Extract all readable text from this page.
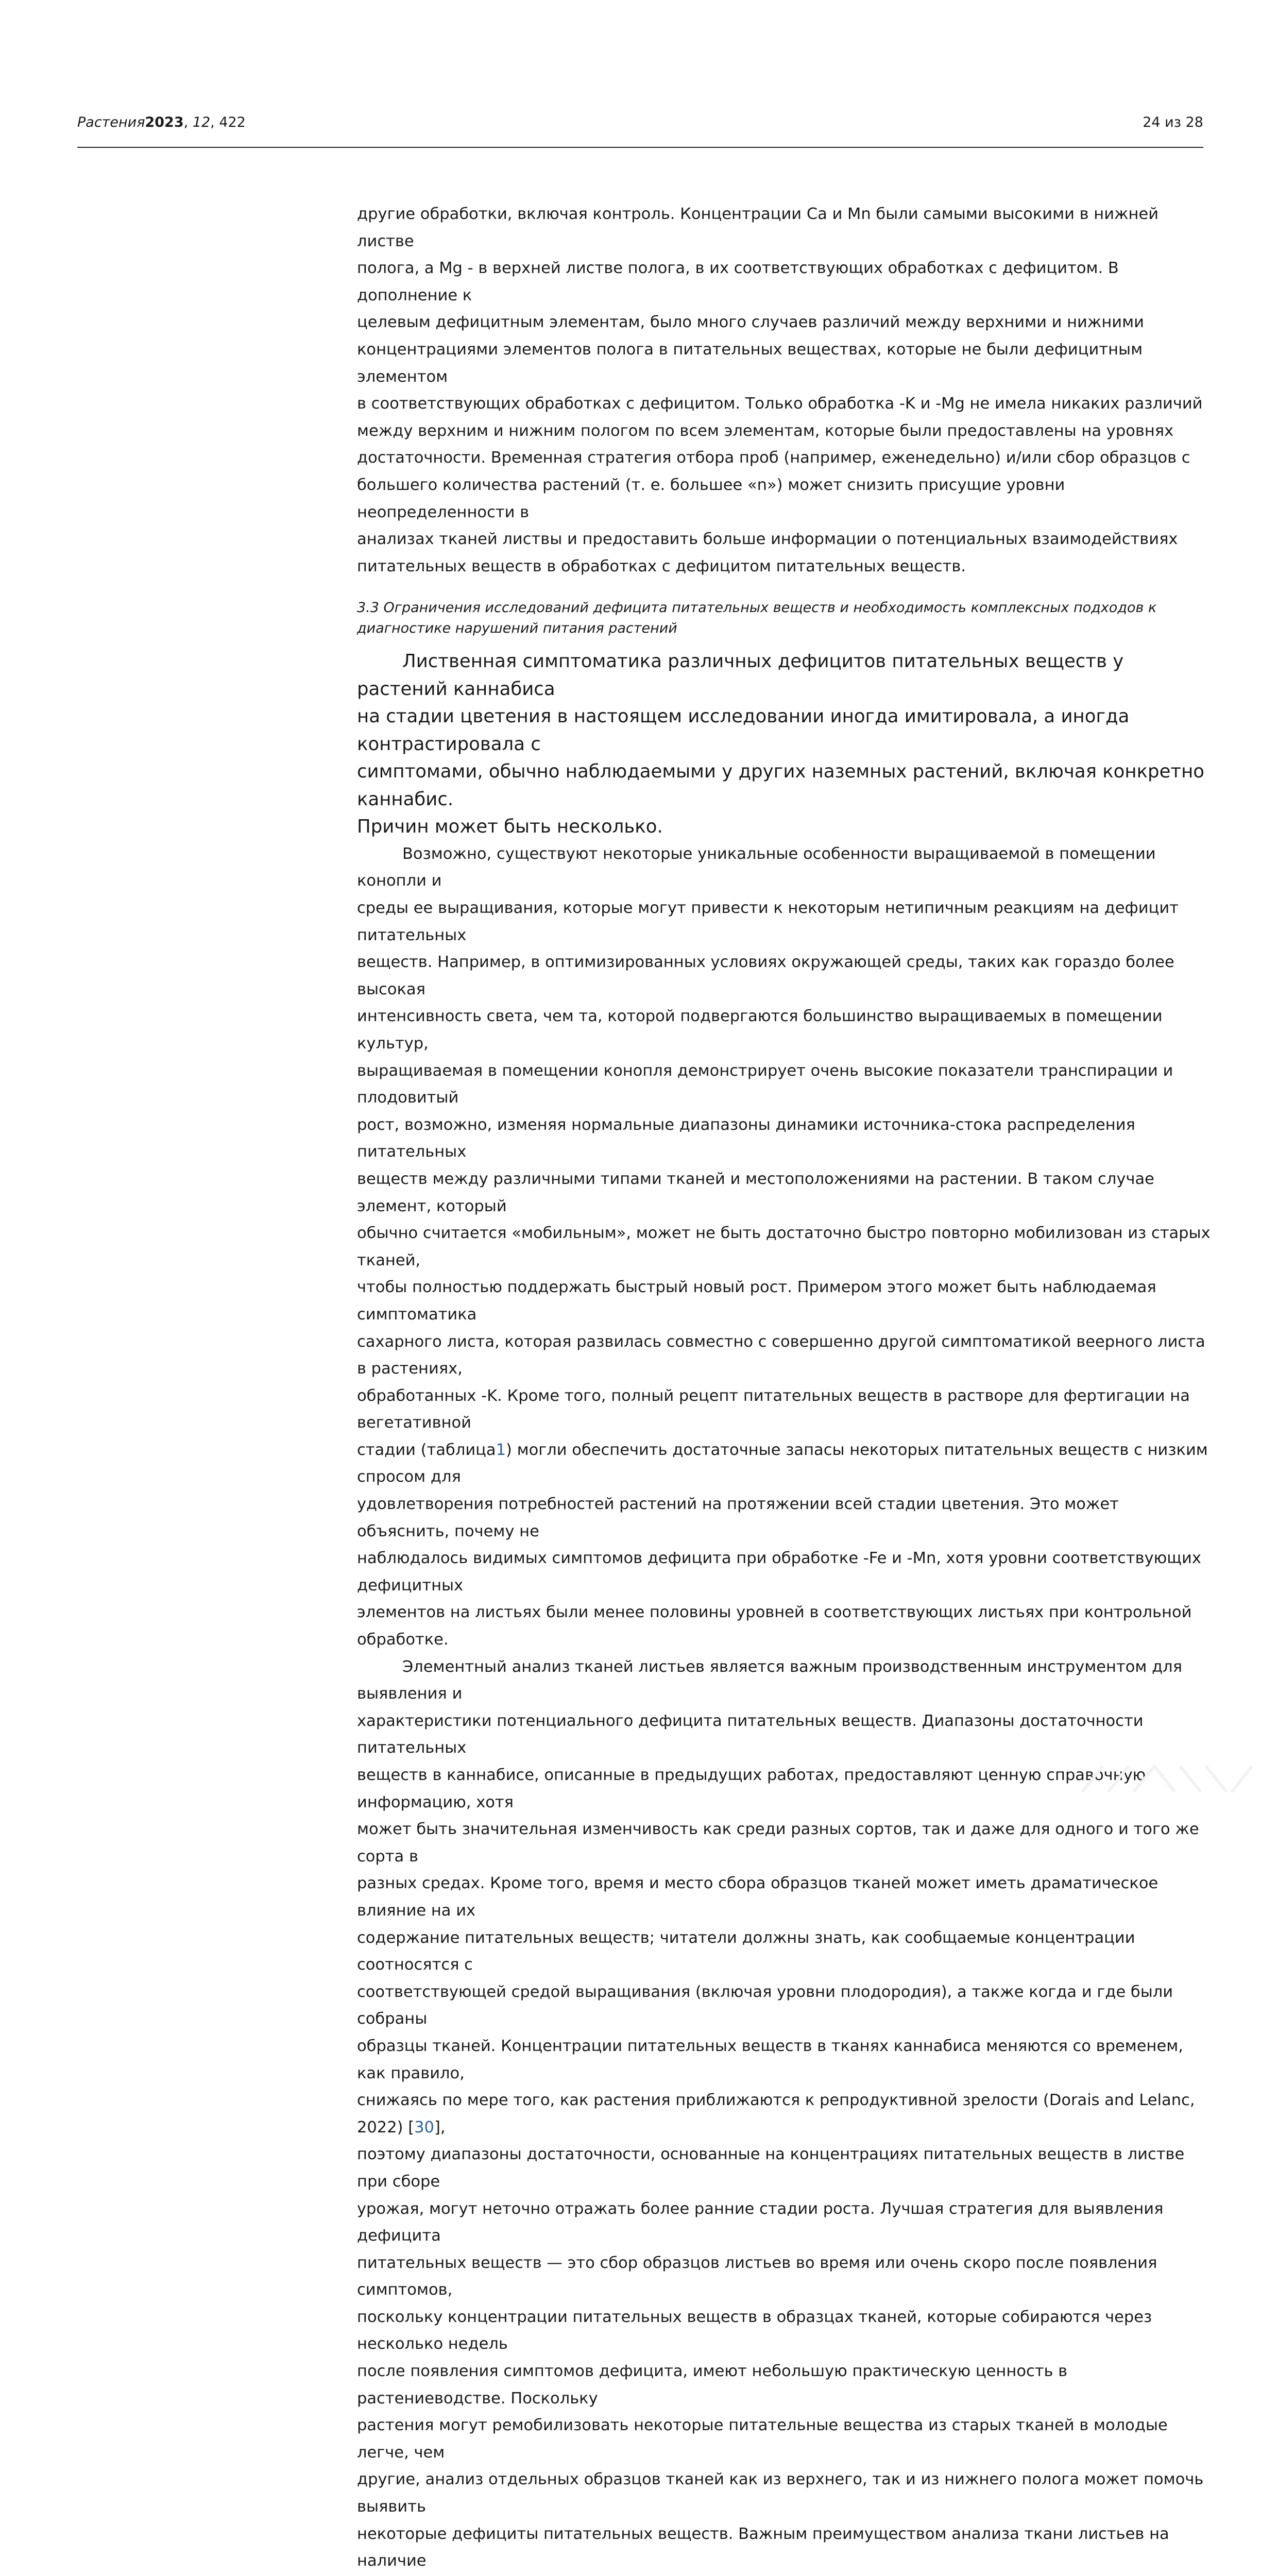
Растения2023, 12, 422	24 из 28

другие обработки, включая контроль. Концентрации Ca и Mn были самыми высокими в нижней листве
полога, а Mg - в верхней листве полога, в их соответствующих обработках с дефицитом. В дополнение к
целевым дефицитным элементам, было много случаев различий между верхними и нижними
концентрациями элементов полога в питательных веществах, которые не были дефицитным элементом
в соответствующих обработках с дефицитом. Только обработка -K и -Mg не имела никаких различий
между верхним и нижним пологом по всем элементам, которые были предоставлены на уровнях
достаточности. Временная стратегия отбора проб (например, еженедельно) и/или сбор образцов с
большего количества растений (т. е. большее «n») может снизить присущие уровни неопределенности в
анализах тканей листвы и предоставить больше информации о потенциальных взаимодействиях
питательных веществ в обработках с дефицитом питательных веществ.

3.3 Ограничения исследований дефицита питательных веществ и необходимость комплексных подходов к
диагностике нарушений питания растений

Лиственная симптоматика различных дефицитов питательных веществ у растений каннабиса
на стадии цветения в настоящем исследовании иногда имитировала, а иногда контрастировала с
симптомами, обычно наблюдаемыми у других наземных растений, включая конкретно каннабис.
Причин может быть несколько.

Возможно, существуют некоторые уникальные особенности выращиваемой в помещении конопли и
среды ее выращивания, которые могут привести к некоторым нетипичным реакциям на дефицит питательных
веществ. Например, в оптимизированных условиях окружающей среды, таких как гораздо более высокая
интенсивность света, чем та, которой подвергаются большинство выращиваемых в помещении культур,
выращиваемая в помещении конопля демонстрирует очень высокие показатели транспирации и плодовитый
рост, возможно, изменяя нормальные диапазоны динамики источника-стока распределения питательных
веществ между различными типами тканей и местоположениями на растении. В таком случае элемент, который
обычно считается «мобильным», может не быть достаточно быстро повторно мобилизован из старых тканей,
чтобы полностью поддержать быстрый новый рост. Примером этого может быть наблюдаемая симптоматика
сахарного листа, которая развилась совместно с совершенно другой симптоматикой веерного листа в растениях,
обработанных -K. Кроме того, полный рецепт питательных веществ в растворе для фертигации на вегетативной
стадии (таблица1) могли обеспечить достаточные запасы некоторых питательных веществ с низким спросом для
удовлетворения потребностей растений на протяжении всей стадии цветения. Это может объяснить, почему не
наблюдалось видимых симптомов дефицита при обработке -Fe и -Mn, хотя уровни соответствующих дефицитных
элементов на листьях были менее половины уровней в соответствующих листьях при контрольной обработке.

Элементный анализ тканей листьев является важным производственным инструментом для выявления и
характеристики потенциального дефицита питательных веществ. Диапазоны достаточности питательных
веществ в каннабисе, описанные в предыдущих работах, предоставляют ценную справочную информацию, хотя
может быть значительная изменчивость как среди разных сортов, так и даже для одного и того же сорта в
разных средах. Кроме того, время и место сбора образцов тканей может иметь драматическое влияние на их
содержание питательных веществ; читатели должны знать, как сообщаемые концентрации соотносятся с
соответствующей средой выращивания (включая уровни плодородия), а также когда и где были собраны
образцы тканей. Концентрации питательных веществ в тканях каннабиса меняются со временем, как правило,
снижаясь по мере того, как растения приближаются к репродуктивной зрелости (Dorais and Lelanc, 2022) [30],
поэтому диапазоны достаточности, основанные на концентрациях питательных веществ в листве при сборе
урожая, могут неточно отражать более ранние стадии роста. Лучшая стратегия для выявления дефицита
питательных веществ — это сбор образцов листьев во время или очень скоро после появления симптомов,
поскольку концентрации питательных веществ в образцах тканей, которые собираются через несколько недель
после появления симптомов дефицита, имеют небольшую практическую ценность в растениеводстве. Поскольку
растения могут ремобилизовать некоторые питательные вещества из старых тканей в молодые легче, чем
другие, анализ отдельных образцов тканей как из верхнего, так и из нижнего полога может помочь выявить
некоторые дефициты питательных веществ. Важным преимуществом анализа ткани листьев на наличие
